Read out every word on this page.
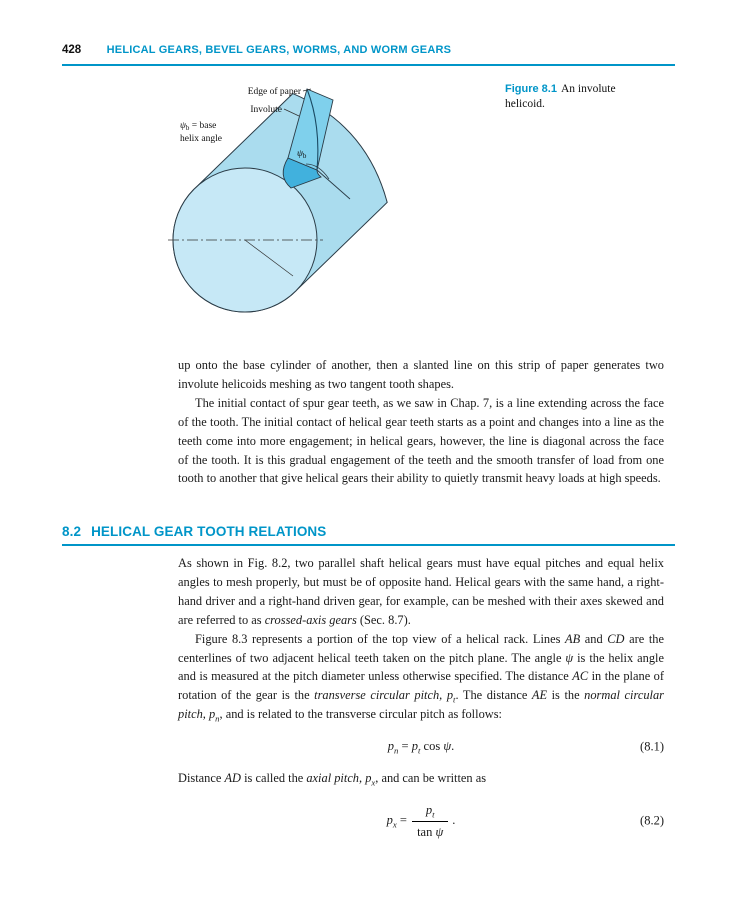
428 HELICAL GEARS, BEVEL GEARS, WORMS, AND WORM GEARS
Edge of paper
Involute
$\psi_b$ = base
helix angle
$\psi_b$
Figure 8.1 An involute helicoid.

up onto the base cylinder of another, then a slanted line on this strip of paper generates two involute helicoids meshing as two tangent tooth shapes.

The initial contact of spur gear teeth, as we saw in Chap. 7, is a line extending across the face of the tooth. The initial contact of helical gear teeth starts as a point and changes into a line as the teeth come into more engagement; in helical gears, however, the line is diagonal across the face of the tooth. It is this gradual engagement of the teeth and the smooth transfer of load from one tooth to another that give helical gears their ability to quietly transmit heavy loads at high speeds.

8.2 HELICAL GEAR TOOTH RELATIONS

As shown in Fig. 8.2, two parallel shaft helical gears must have equal pitches and equal helix angles to mesh properly, but must be of opposite hand. Helical gears with the same hand, a right-hand driver and a right-hand driven gear, for example, can be meshed with their axes skewed and are referred to as crossed-axis gears (Sec. 8.7).

Figure 8.3 represents a portion of the top view of a helical rack. Lines AB and CD are the centerlines of two adjacent helical teeth taken on the pitch plane. The angle ψ is the helix angle and is measured at the pitch diameter unless otherwise specified. The distance AC in the plane of rotation of the gear is the transverse circular pitch, $p_t$. The distance AE is the normal circular pitch, $p_n$, and is related to the transverse circular pitch as follows:

$p_n = p_t$ cos ψ.	(8.1)

Distance AD is called the axial pitch, $p_x$, and can be written as

$p_x = \frac{p_t}{\text{tan ψ}}$ .	(8.2)
